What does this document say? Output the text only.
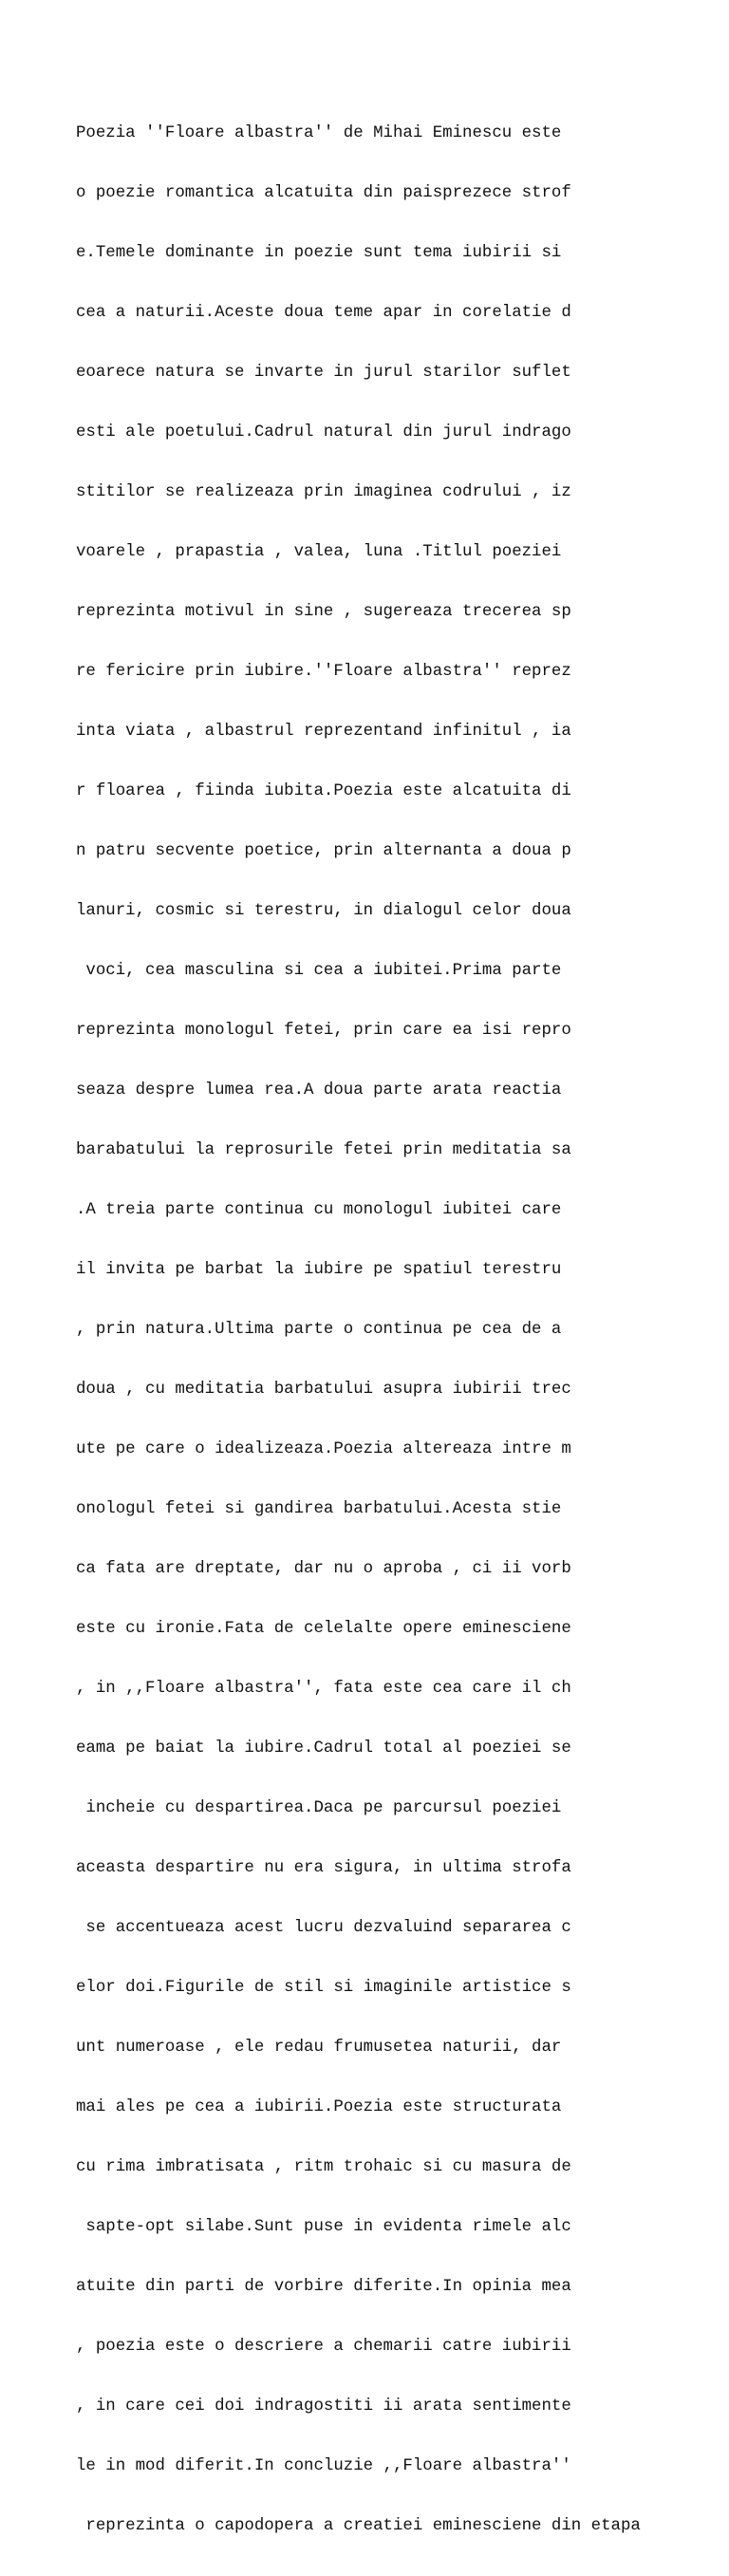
Poezia ''Floare albastra'' de Mihai Eminescu este

o poezie romantica alcatuita din paisprezece strof

e.Temele dominante in poezie sunt tema iubirii si

cea a naturii.Aceste doua teme apar in corelatie d

eoarece natura se invarte in jurul starilor suflet

esti ale poetului.Cadrul natural din jurul indrago

stitilor se realizeaza prin imaginea codrului , iz

voarele , prapastia , valea, luna .Titlul poeziei

reprezinta motivul in sine , sugereaza trecerea sp

re fericire prin iubire.''Floare albastra'' reprez

inta viata , albastrul reprezentand infinitul , ia

r floarea , fiinda iubita.Poezia este alcatuita di

n patru secvente poetice, prin alternanta a doua p

lanuri, cosmic si terestru, in dialogul celor doua

voci, cea masculina si cea a iubitei.Prima parte

reprezinta monologul fetei, prin care ea isi repro

seaza despre lumea rea.A doua parte arata reactia

barabatului la reprosurile fetei prin meditatia sa

.A treia parte continua cu monologul iubitei care

il invita pe barbat la iubire pe spatiul terestru

, prin natura.Ultima parte o continua pe cea de a

doua , cu meditatia barbatului asupra iubirii trec

ute pe care o idealizeaza.Poezia altereaza intre m

onologul fetei si gandirea barbatului.Acesta stie

ca fata are dreptate, dar nu o aproba , ci ii vorb

este cu ironie.Fata de celelalte opere eminesciene

, in ,,Floare albastra'', fata este cea care il ch

eama pe baiat la iubire.Cadrul total al poeziei se

incheie cu despartirea.Daca pe parcursul poeziei

aceasta despartire nu era sigura, in ultima strofa

se accentueaza acest lucru dezvaluind separarea c

elor doi.Figurile de stil si imaginile artistice s

unt numeroase , ele redau frumusetea naturii, dar

mai ales pe cea a iubirii.Poezia este structurata

cu rima imbratisata , ritm trohaic si cu masura de

sapte-opt silabe.Sunt puse in evidenta rimele alc

atuite din parti de vorbire diferite.In opinia mea

, poezia este o descriere a chemarii catre iubirii

, in care cei doi indragostiti ii arata sentimente

le in mod diferit.In concluzie ,,Floare albastra''

reprezinta o capodopera a creatiei eminesciene din etapa
